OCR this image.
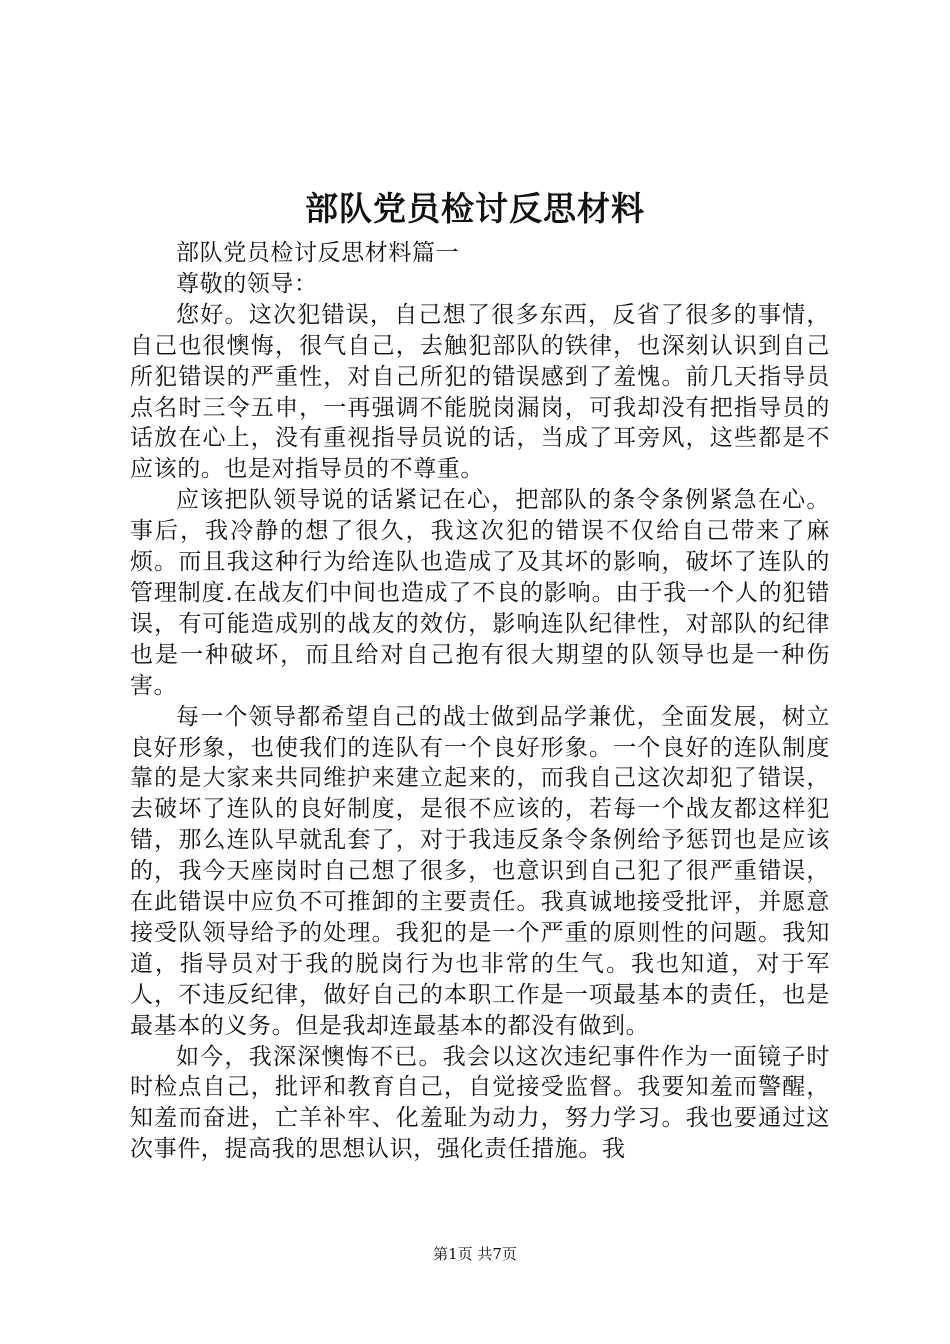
部队党员检讨反思材料

部队党员检讨反思材料篇一

尊敬的领导：

您好。这次犯错误，自己想了很多东西，反省了很多的事情，自己也很懊悔，很气自己，去触犯部队的铁律，也深刻认识到自己所犯错误的严重性，对自己所犯的错误感到了羞愧。前几天指导员点名时三令五申，一再强调不能脱岗漏岗，可我却没有把指导员的话放在心上，没有重视指导员说的话，当成了耳旁风，这些都是不应该的。也是对指导员的不尊重。

应该把队领导说的话紧记在心，把部队的条令条例紧急在心。事后，我冷静的想了很久，我这次犯的错误不仅给自己带来了麻烦。而且我这种行为给连队也造成了及其坏的影响，破坏了连队的管理制度.在战友们中间也造成了不良的影响。由于我一个人的犯错误，有可能造成别的战友的效仿，影响连队纪律性，对部队的纪律也是一种破坏，而且给对自己抱有很大期望的队领导也是一种伤害。

每一个领导都希望自己的战士做到品学兼优，全面发展，树立良好形象，也使我们的连队有一个良好形象。一个良好的连队制度靠的是大家来共同维护来建立起来的，而我自己这次却犯了错误，去破坏了连队的良好制度，是很不应该的，若每一个战友都这样犯错，那么连队早就乱套了，对于我违反条令条例给予惩罚也是应该的，我今天座岗时自己想了很多，也意识到自己犯了很严重错误，在此错误中应负不可推卸的主要责任。我真诚地接受批评，并愿意接受队领导给予的处理。我犯的是一个严重的原则性的问题。我知道，指导员对于我的脱岗行为也非常的生气。我也知道，对于军人，不违反纪律，做好自己的本职工作是一项最基本的责任，也是最基本的义务。但是我却连最基本的都没有做到。

如今，我深深懊悔不已。我会以这次违纪事件作为一面镜子时时检点自己，批评和教育自己，自觉接受监督。我要知羞而警醒，知羞而奋进，亡羊补牢、化羞耻为动力，努力学习。我也要通过这次事件，提高我的思想认识，强化责任措施。我

第1页 共7页
